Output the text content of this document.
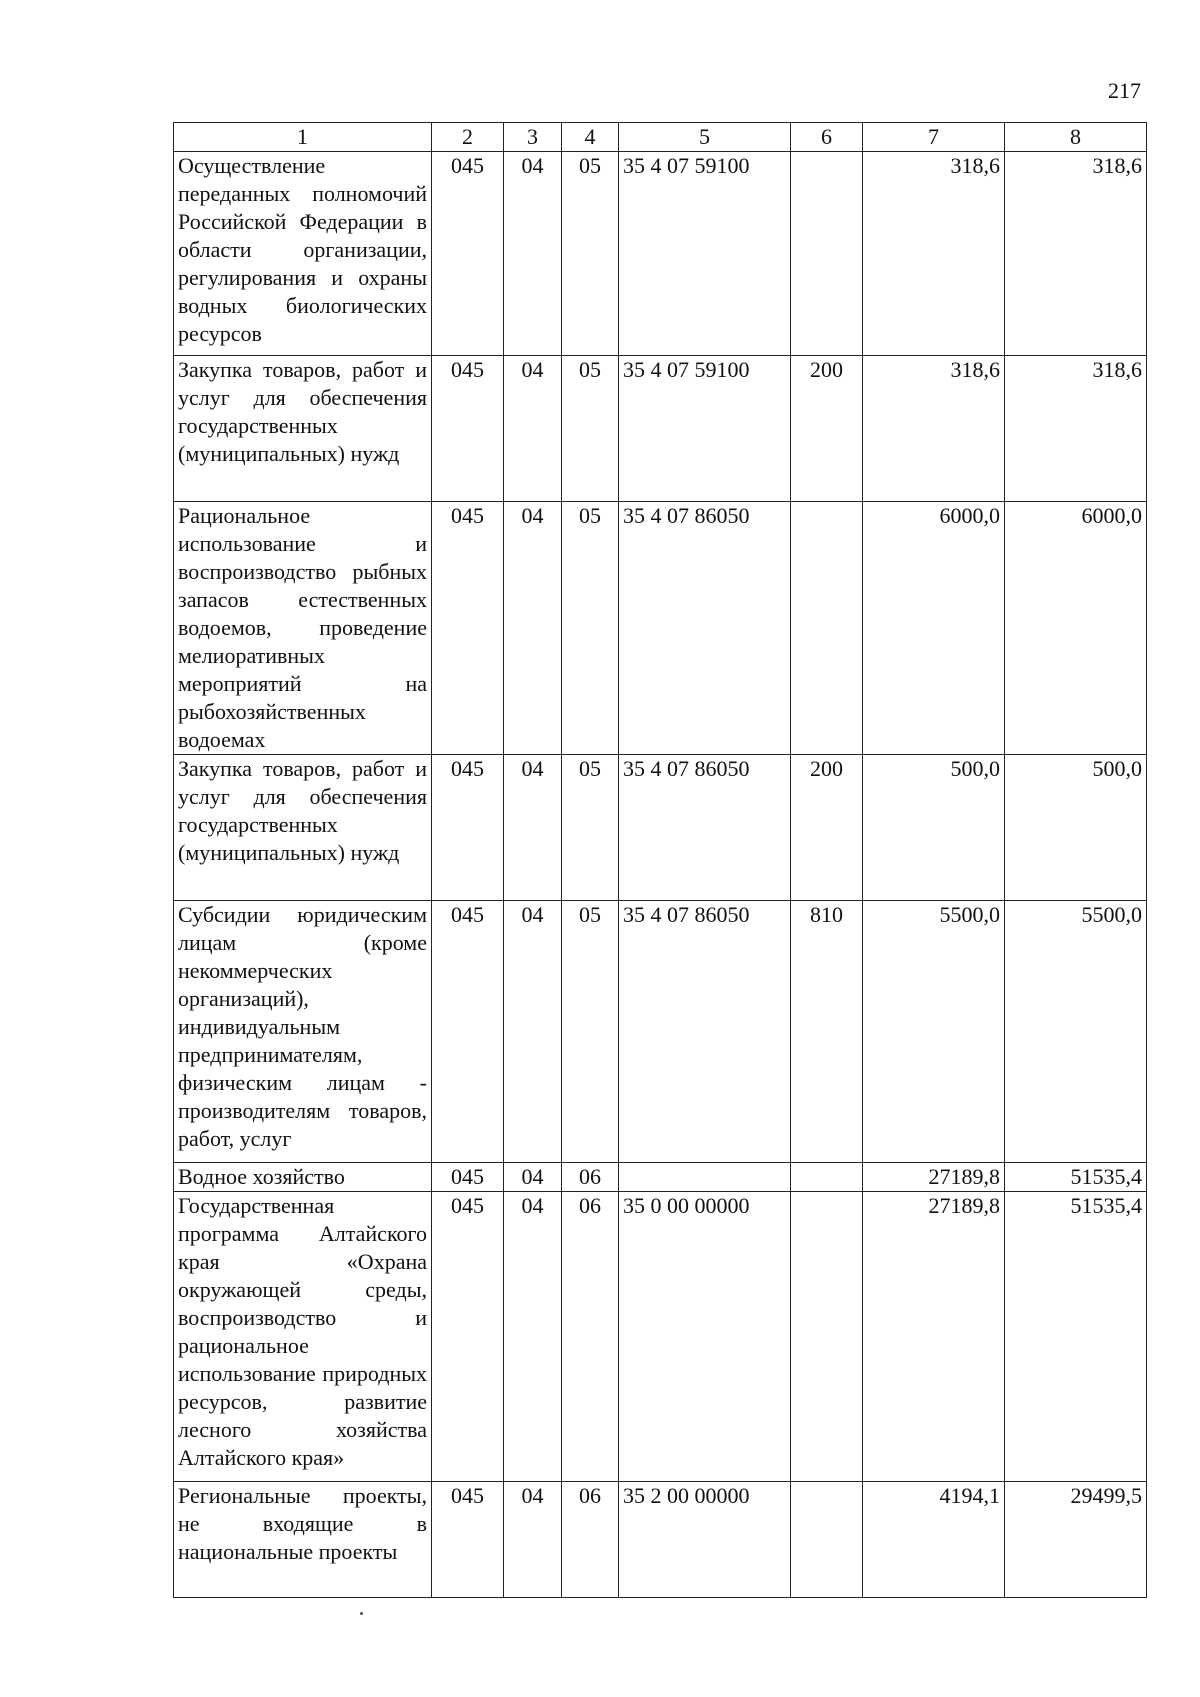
217
1	2	3	4	5	6	7	8
Осуществление переданных полномочий Российской Федерации в области организации, регулирования и охраны водных биологических ресурсов	045	04	05	35 4 07 59100		318,6	318,6
Закупка товаров, работ и услуг для обеспечения государственных (муниципальных) нужд	045	04	05	35 4 07 59100	200	318,6	318,6
Рациональное использование и воспроизводство рыбных запасов естественных водоемов, проведение мелиоративных мероприятий на рыбохозяйственных водоемах	045	04	05	35 4 07 86050		6000,0	6000,0
Закупка товаров, работ и услуг для обеспечения государственных (муниципальных) нужд	045	04	05	35 4 07 86050	200	500,0	500,0
Субсидии юридическим лицам (кроме некоммерческих организаций), индивидуальным предпринимателям, физическим лицам - производителям товаров, работ, услуг	045	04	05	35 4 07 86050	810	5500,0	5500,0
Водное хозяйство	045	04	06			27189,8	51535,4
Государственная программа Алтайского края «Охрана окружающей среды, воспроизводство и рациональное использование природных ресурсов, развитие лесного хозяйства Алтайского края»	045	04	06	35 0 00 00000		27189,8	51535,4
Региональные проекты, не входящие в национальные проекты	045	04	06	35 2 00 00000		4194,1	29499,5
